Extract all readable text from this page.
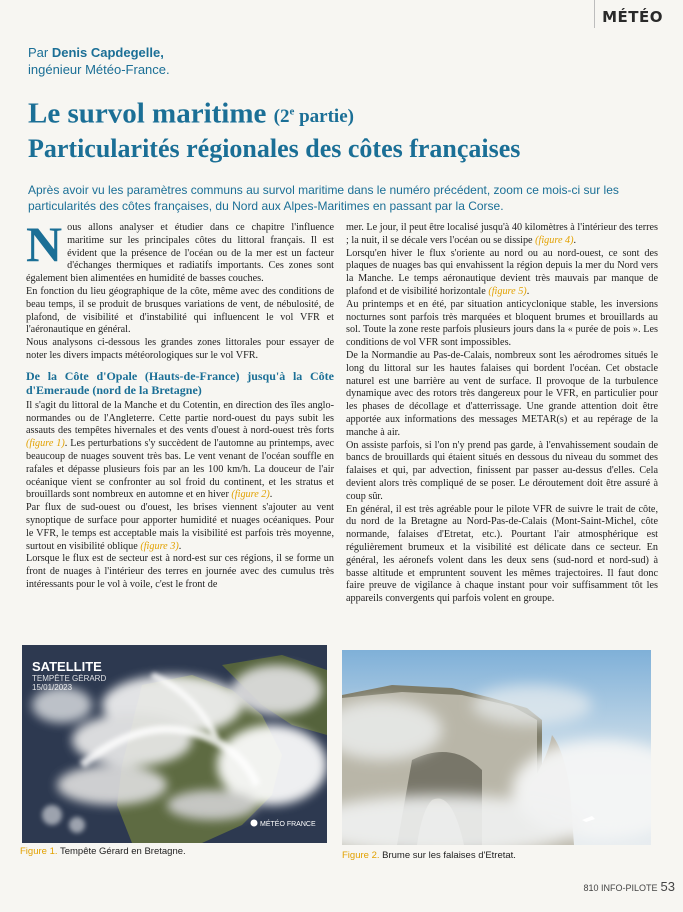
MÉTÉO
Par Denis Capdegelle,
ingénieur Météo-France.
Le survol maritime (2e partie)
Particularités régionales des côtes françaises

Après avoir vu les paramètres communs au survol maritime dans le numéro précédent, zoom ce mois-ci sur les particularités des côtes françaises, du Nord aux Alpes-Maritimes en passant par la Corse.

Nous allons analyser et étudier dans ce chapitre l'influence maritime sur les principales côtes du littoral français. Il est évident que la présence de l'océan ou de la mer est un facteur d'échanges thermiques et radiatifs importants. Ces zones sont également bien alimentées en humidité de basses couches.

En fonction du lieu géographique de la côte, même avec des conditions de beau temps, il se produit de brusques variations de vent, de nébulosité, de plafond, de visibilité et d'instabilité qui influencent le vol VFR et l'aéronautique en général.

Nous analysons ci-dessous les grandes zones littorales pour essayer de noter les divers impacts météorologiques sur le vol VFR.

De la Côte d'Opale (Hauts-de-France) jusqu'à la Côte d'Emeraude (nord de la Bretagne)

Il s'agit du littoral de la Manche et du Cotentin, en direction des îles anglo-normandes ou de l'Angleterre. Cette partie nord-ouest du pays subit les assauts des tempêtes hivernales et des vents d'ouest à nord-ouest très forts (figure 1). Les perturbations s'y succèdent de l'automne au printemps, avec beaucoup de nuages souvent très bas. Le vent venant de l'océan souffle en rafales et dépasse plusieurs fois par an les 100 km/h. La douceur de l'air océanique vient se confronter au sol froid du continent, et les stratus et brouillards sont nombreux en automne et en hiver (figure 2).

Par flux de sud-ouest ou d'ouest, les brises viennent s'ajouter au vent synoptique de surface pour apporter humidité et nuages océaniques. Pour le VFR, le temps est acceptable mais la visibilité est parfois très moyenne, surtout en visibilité oblique (figure 3).

Lorsque le flux est de secteur est à nord-est sur ces régions, il se forme un front de nuages à l'intérieur des terres en journée avec des cumulus très intéressants pour le vol à voile, c'est le front de

mer. Le jour, il peut être localisé jusqu'à 40 kilomètres à l'intérieur des terres ; la nuit, il se décale vers l'océan ou se dissipe (figure 4).

Lorsqu'en hiver le flux s'oriente au nord ou au nord-ouest, ce sont des plaques de nuages bas qui envahissent la région depuis la mer du Nord vers la Manche. Le temps aéronautique devient très mauvais par manque de plafond et de visibilité horizontale (figure 5).

Au printemps et en été, par situation anticyclonique stable, les inversions nocturnes sont parfois très marquées et bloquent brumes et brouillards au sol. Toute la zone reste parfois plusieurs jours dans la « purée de pois ». Les conditions de vol VFR sont impossibles.

De la Normandie au Pas-de-Calais, nombreux sont les aérodromes situés le long du littoral sur les hautes falaises qui bordent l'océan. Cet obstacle naturel est une barrière au vent de surface. Il provoque de la turbulence dynamique avec des rotors très dangereux pour le VFR, en particulier pour les phases de décollage et d'atterrissage. Une grande attention doit être apportée aux informations des messages METAR(s) et au repérage de la manche à air.

On assiste parfois, si l'on n'y prend pas garde, à l'envahissement soudain de bancs de brouillards qui étaient situés en dessous du niveau du sommet des falaises et qui, par advection, finissent par passer au-dessus d'elles. Cela devient alors très compliqué de se poser. Le déroutement doit être assuré à coup sûr.

En général, il est très agréable pour le pilote VFR de suivre le trait de côte, du nord de la Bretagne au Nord-Pas-de-Calais (Mont-Saint-Michel, côte normande, falaises d'Etretat, etc.). Pourtant l'air atmosphérique est régulièrement brumeux et la visibilité est délicate dans ce secteur. En général, les aéronefs volent dans les deux sens (sud-nord et nord-sud) à basse altitude et empruntent souvent les mêmes trajectoires. Il faut donc faire preuve de vigilance à chaque instant pour voir suffisamment tôt les appareils convergents qui parfois volent en groupe.

SATELLITE
TEMPÊTE GÉRARD
15/01/2023
MÉTÉO FRANCE
Figure 1. Tempête Gérard en Bretagne.	Figure 2. Brume sur les falaises d'Etretat.
810 INFO-PILOTE 53
